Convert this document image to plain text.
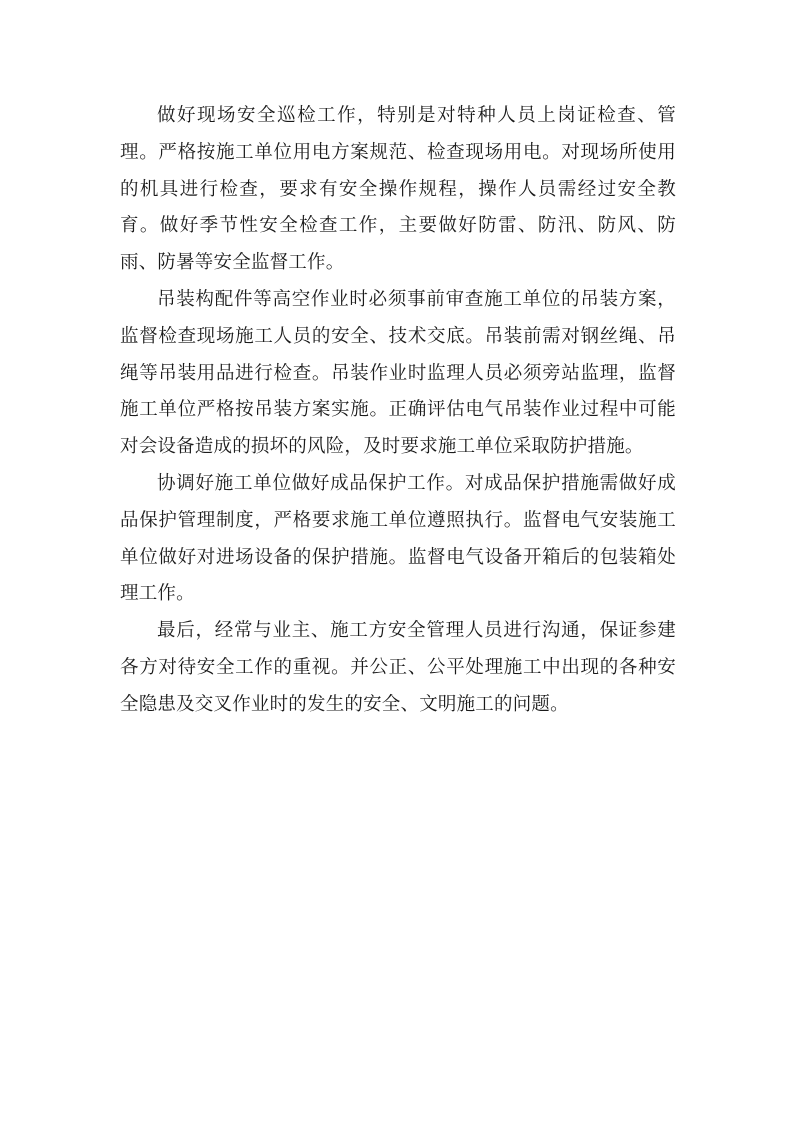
做好现场安全巡检工作，特别是对特种人员上岗证检查、管理。严格按施工单位用电方案规范、检查现场用电。对现场所使用的机具进行检查，要求有安全操作规程，操作人员需经过安全教育。做好季节性安全检查工作，主要做好防雷、防汛、防风、防雨、防暑等安全监督工作。

吊装构配件等高空作业时必须事前审查施工单位的吊装方案，监督检查现场施工人员的安全、技术交底。吊装前需对钢丝绳、吊绳等吊装用品进行检查。吊装作业时监理人员必须旁站监理，监督施工单位严格按吊装方案实施。正确评估电气吊装作业过程中可能对会设备造成的损坏的风险，及时要求施工单位采取防护措施。

协调好施工单位做好成品保护工作。对成品保护措施需做好成品保护管理制度，严格要求施工单位遵照执行。监督电气安装施工单位做好对进场设备的保护措施。监督电气设备开箱后的包装箱处理工作。

最后，经常与业主、施工方安全管理人员进行沟通，保证参建各方对待安全工作的重视。并公正、公平处理施工中出现的各种安全隐患及交叉作业时的发生的安全、文明施工的问题。
